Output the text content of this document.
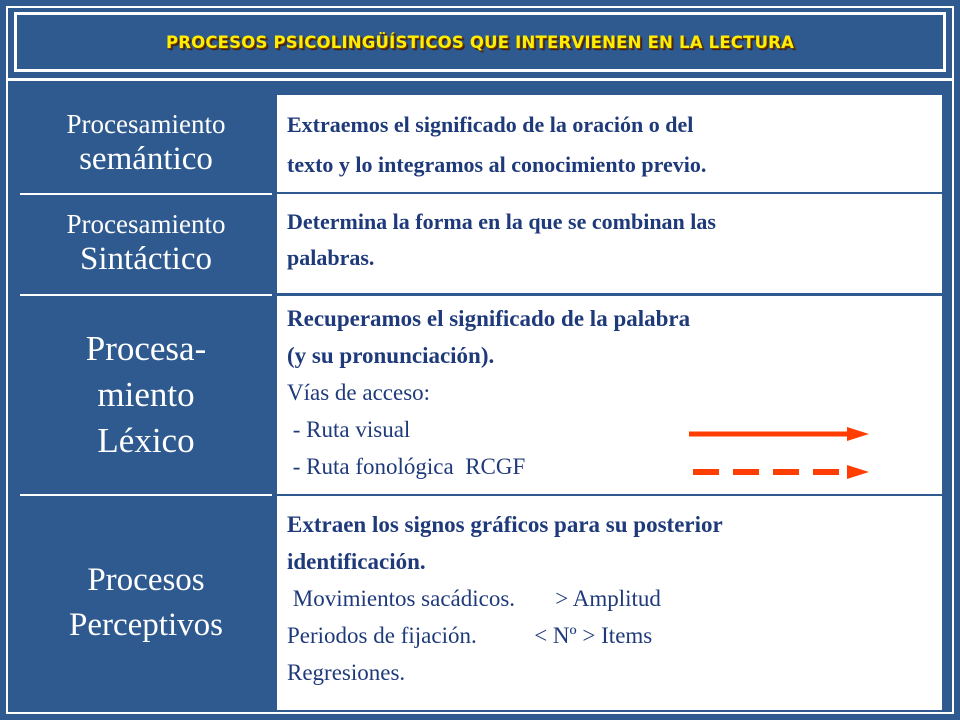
PROCESOS PSICOLINGÜÍSTICOS QUE INTERVIENEN EN LA LECTURA
Procesamiento
semántico
Extraemos el significado de la oración o del
texto y lo integramos al conocimiento previo.
Procesamiento
Sintáctico
Determina la forma en la que se combinan las
palabras.
Procesa-
miento
Léxico
Recuperamos el significado de la palabra
(y su pronunciación).
Vías de acceso:
- Ruta visual
- Ruta fonológica  RCGF
Procesos
Perceptivos
Extraen los signos gráficos para su posterior
identificación.
Movimientos sacádicos.       > Amplitud
Periodos de fijación.          < Nº > Items
Regresiones.
